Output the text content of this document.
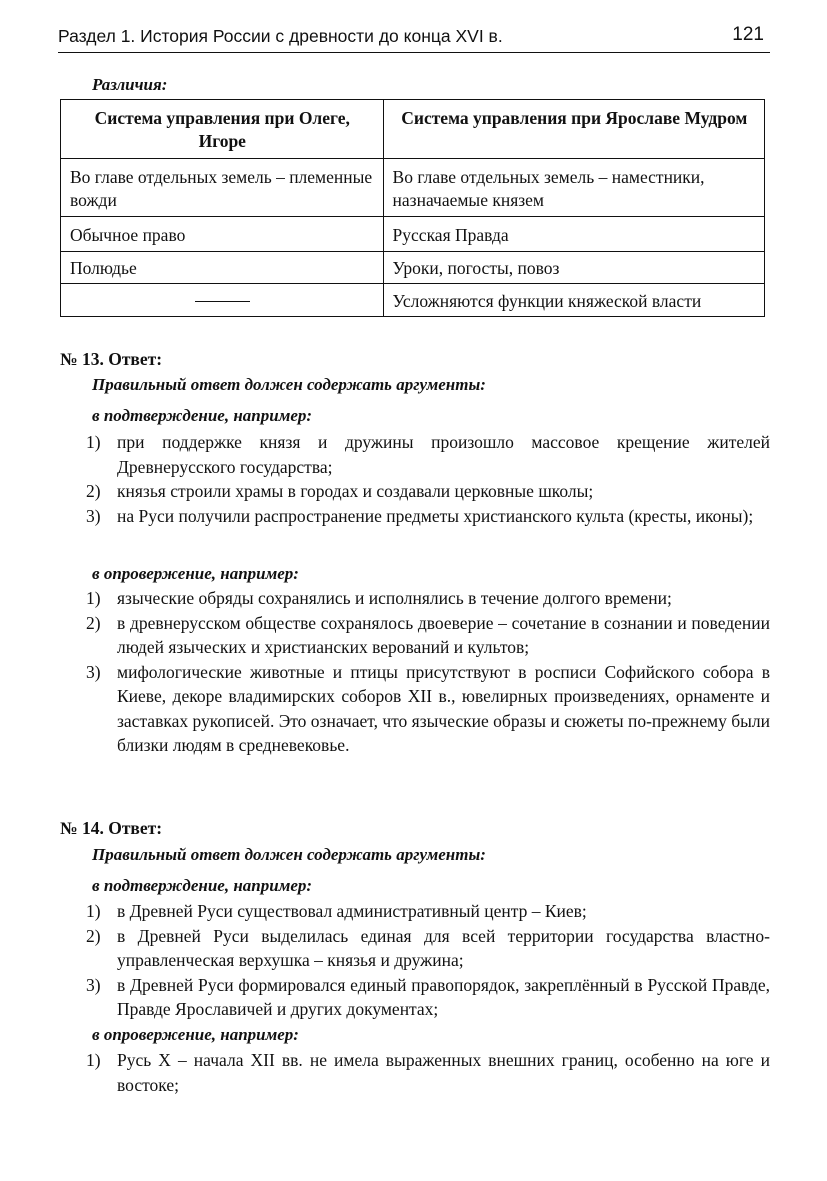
Раздел 1. История России с древности до конца XVI в.	121
Различия:
Система управления при Олеге, Игоре	Система управления при Ярославе Мудром
Во главе отдельных земель – племенные вожди	Во главе отдельных земель – наместники, назначаемые князем
Обычное право	Русская Правда
Полюдье	Уроки, погосты, повоз
	Усложняются функции княжеской власти
№ 13. Ответ:
Правильный ответ должен содержать аргументы:
в подтверждение, например:
1) при поддержке князя и дружины произошло массовое крещение жителей Древнерусского государства;
2) князья строили храмы в городах и создавали церковные школы;
3) на Руси получили распространение предметы христианского культа (кресты, иконы);
в опровержение, например:
1) языческие обряды сохранялись и исполнялись в течение долгого времени;
2) в древнерусском обществе сохранялось двоеверие – сочетание в сознании и поведении людей языческих и христианских верований и культов;
3) мифологические животные и птицы присутствуют в росписи Софийского собора в Киеве, декоре владимирских соборов XII в., ювелирных произведениях, орнаменте и заставках рукописей. Это означает, что языческие образы и сюжеты по-прежнему были близки людям в средневековье.
№ 14. Ответ:
Правильный ответ должен содержать аргументы:
в подтверждение, например:
1) в Древней Руси существовал административный центр – Киев;
2) в Древней Руси выделилась единая для всей территории государства властно-управленческая верхушка – князья и дружина;
3) в Древней Руси формировался единый правопорядок, закреплённый в Русской Правде, Правде Ярославичей и других документах;
в опровержение, например:
1) Русь X – начала XII вв. не имела выраженных внешних границ, особенно на юге и востоке;
